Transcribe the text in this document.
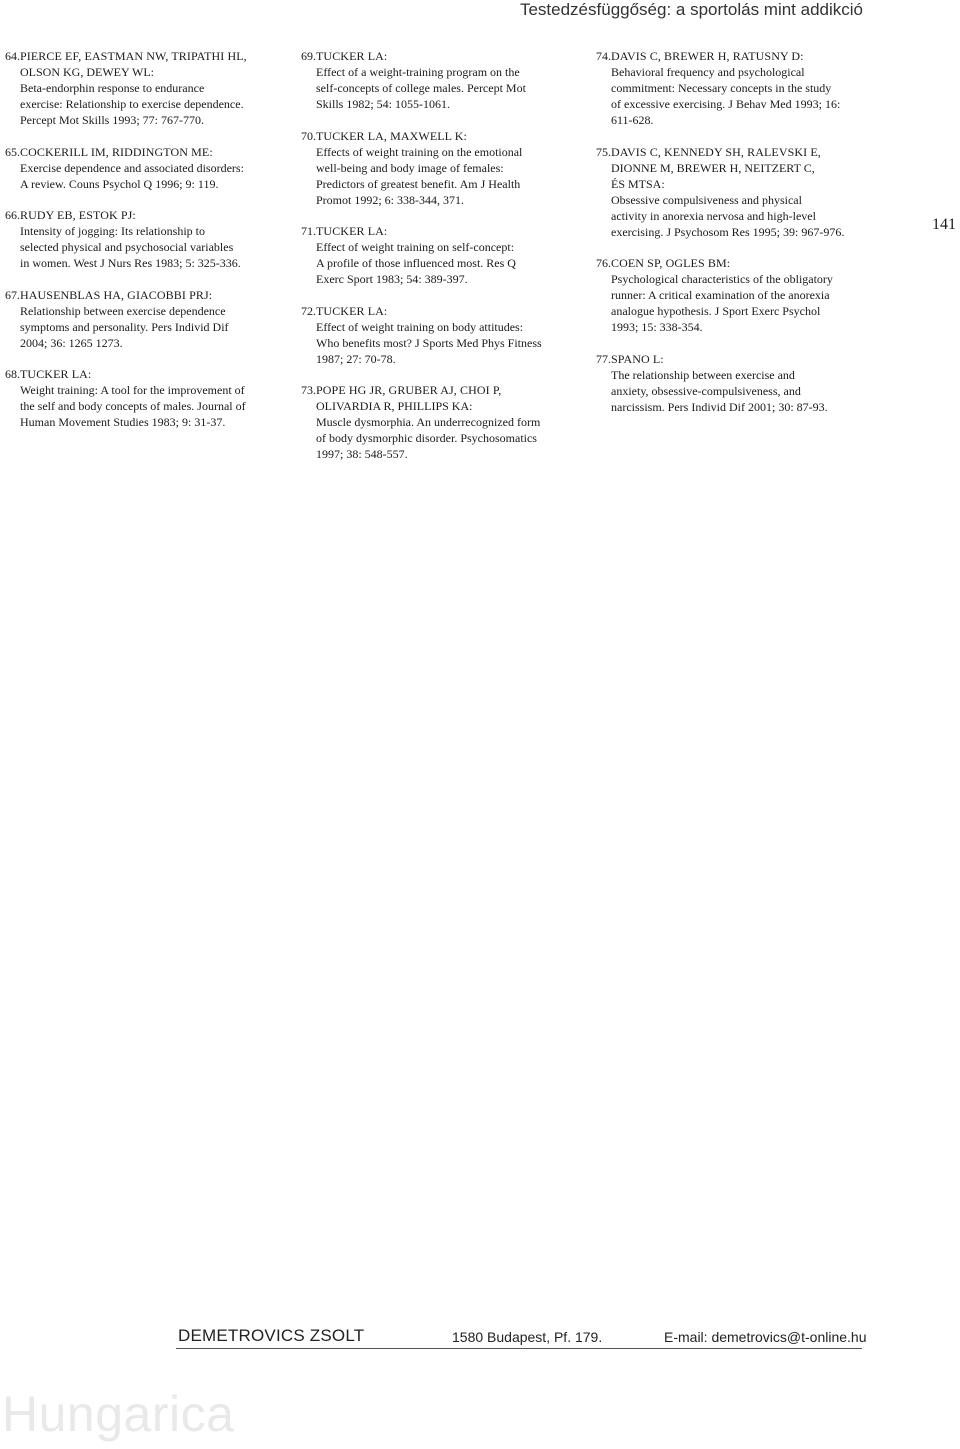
Testedzésfüggőség: a sportolás mint addikció
64. PIERCE EF, EASTMAN NW, TRIPATHI HL,
OLSON KG, DEWEY WL:
Beta-endorphin response to endurance
exercise: Relationship to exercise dependence.
Percept Mot Skills 1993; 77: 767-770.
65. COCKERILL IM, RIDDINGTON ME:
Exercise dependence and associated disorders:
A review. Couns Psychol Q 1996; 9: 119.
66. RUDY EB, ESTOK PJ:
Intensity of jogging: Its relationship to
selected physical and psychosocial variables
in women. West J Nurs Res 1983; 5: 325-336.
67. HAUSENBLAS HA, GIACOBBI PRJ:
Relationship between exercise dependence
symptoms and personality. Pers Individ Dif
2004; 36: 1265 1273.
68. TUCKER LA:
Weight training: A tool for the improvement of
the self and body concepts of males. Journal of
Human Movement Studies 1983; 9: 31-37.
69. TUCKER LA:
Effect of a weight-training program on the
self-concepts of college males. Percept Mot
Skills 1982; 54: 1055-1061.
70. TUCKER LA, MAXWELL K:
Effects of weight training on the emotional
well-being and body image of females:
Predictors of greatest benefit. Am J Health
Promot 1992; 6: 338-344, 371.
71. TUCKER LA:
Effect of weight training on self-concept:
A profile of those influenced most. Res Q
Exerc Sport 1983; 54: 389-397.
72. TUCKER LA:
Effect of weight training on body attitudes:
Who benefits most? J Sports Med Phys Fitness
1987; 27: 70-78.
73. POPE HG JR, GRUBER AJ, CHOI P,
OLIVARDIA R, PHILLIPS KA:
Muscle dysmorphia. An underrecognized form
of body dysmorphic disorder. Psychosomatics
1997; 38: 548-557.
74. DAVIS C, BREWER H, RATUSNY D:
Behavioral frequency and psychological
commitment: Necessary concepts in the study
of excessive exercising. J Behav Med 1993; 16:
611-628.
75. DAVIS C, KENNEDY SH, RALEVSKI E,
DIONNE M, BREWER H, NEITZERT C,
ÉS MTSA:
Obsessive compulsiveness and physical
activity in anorexia nervosa and high-level
exercising. J Psychosom Res 1995; 39: 967-976.
76. COEN SP, OGLES BM:
Psychological characteristics of the obligatory
runner: A critical examination of the anorexia
analogue hypothesis. J Sport Exerc Psychol
1993; 15: 338-354.
77. SPANO L:
The relationship between exercise and
anxiety, obsessive-compulsiveness, and
narcissism. Pers Individ Dif 2001; 30: 87-93.
141
DEMETROVICS ZSOLT	1580 Budapest, Pf. 179.	E-mail: demetrovics@t-online.hu
Hungarica
